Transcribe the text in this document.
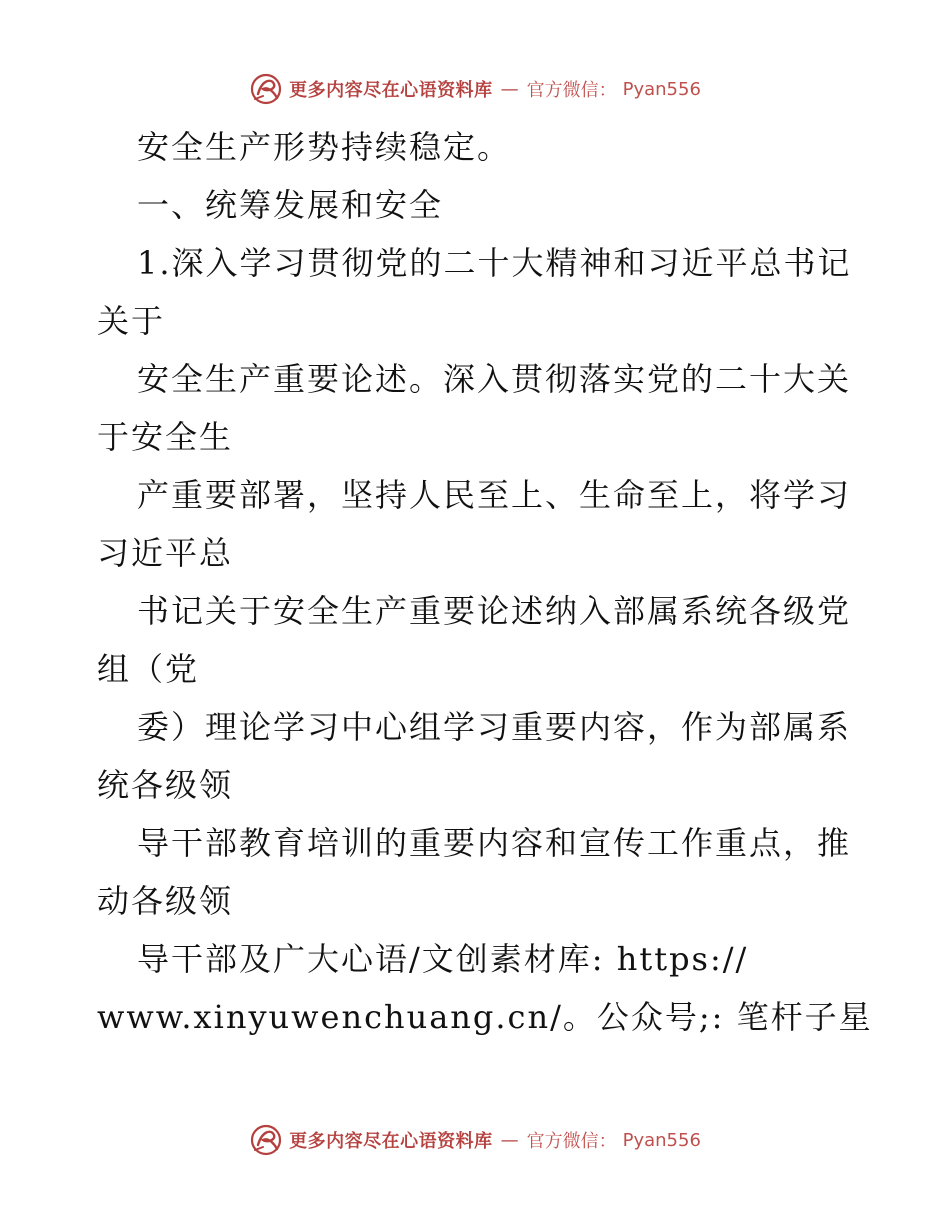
更多内容尽在心语资料库 — 官方微信： Pyan556
安全生产形势持续稳定。
一、统筹发展和安全
1.深入学习贯彻党的二十大精神和习近平总书记
关于
安全生产重要论述。深入贯彻落实党的二十大关
于安全生
产重要部署，坚持人民至上、生命至上，将学习
习近平总
书记关于安全生产重要论述纳入部属系统各级党
组（党
委）理论学习中心组学习重要内容，作为部属系
统各级领
导干部教育培训的重要内容和宣传工作重点，推
动各级领
导干部及广大心语/文创素材库: https://
www.xinyuwenchuang.cn/。公众号;: 笔杆子星
更多内容尽在心语资料库 — 官方微信： Pyan556
